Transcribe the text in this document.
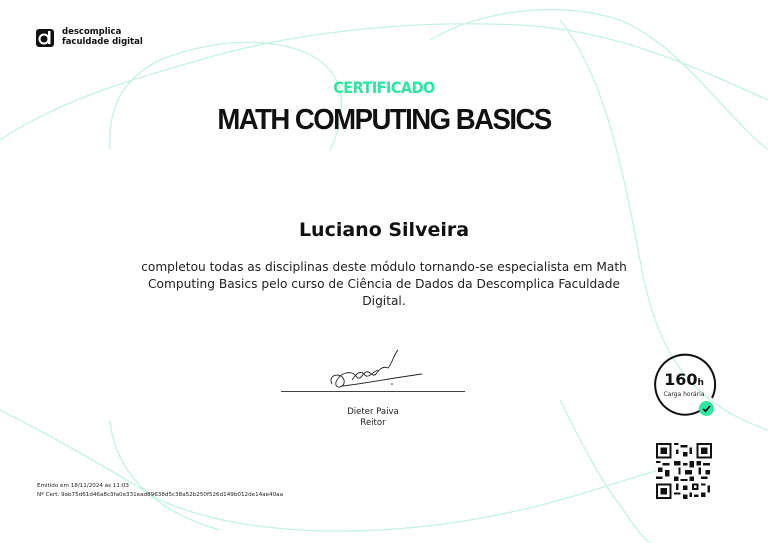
descomplica
faculdade digital
CERTIFICADO
MATH COMPUTING BASICS
Luciano Silveira
completou todas as disciplinas deste módulo tornando-se especialista em Math Computing Basics pelo curso de Ciência de Dados da Descomplica Faculdade Digital.
Dieter Paiva
Reitor
160h
Carga horária
Emitido em 18/11/2024 às 11:03
Nº Cert. 9ab75d61d46a8c3fa0e331ead89638d5c38a52b250f526d149b012de14ae40aa
